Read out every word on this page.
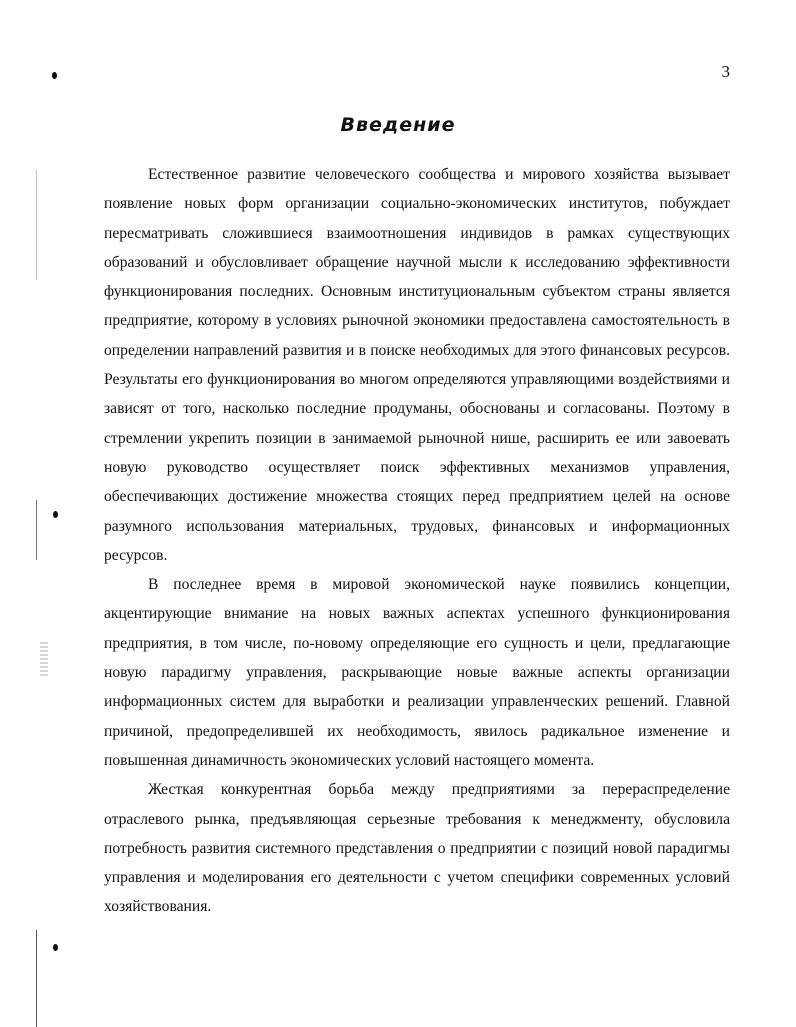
3
Введение

Естественное развитие человеческого сообщества и мирового хозяйства вызывает появление новых форм организации социально-экономических институтов, побуждает пересматривать сложившиеся взаимоотношения индивидов в рамках существующих образований и обусловливает обращение научной мысли к исследованию эффективности функционирования последних. Основным институциональным субъектом страны является предприятие, которому в условиях рыночной экономики предоставлена самостоятельность в определении направлений развития и в поиске необходимых для этого финансовых ресурсов. Результаты его функционирования во многом определяются управляющими воздействиями и зависят от того, насколько последние продуманы, обоснованы и согласованы. Поэтому в стремлении укрепить позиции в занимаемой рыночной нише, расширить ее или завоевать новую руководство осуществляет поиск эффективных механизмов управления, обеспечивающих достижение множества стоящих перед предприятием целей на основе разумного использования материальных, трудовых, финансовых и информационных ресурсов.

В последнее время в мировой экономической науке появились концепции, акцентирующие внимание на новых важных аспектах успешного функционирования предприятия, в том числе, по-новому определяющие его сущность и цели, предлагающие новую парадигму управления, раскрывающие новые важные аспекты организации информационных систем для выработки и реализации управленческих решений. Главной причиной, предопределившей их необходимость, явилось радикальное изменение и повышенная динамичность экономических условий настоящего момента.

Жесткая конкурентная борьба между предприятиями за перераспределение отраслевого рынка, предъявляющая серьезные требования к менеджменту, обусловила потребность развития системного представления о предприятии с позиций новой парадигмы управления и моделирования его деятельности с учетом специфики современных условий хозяйствования.
